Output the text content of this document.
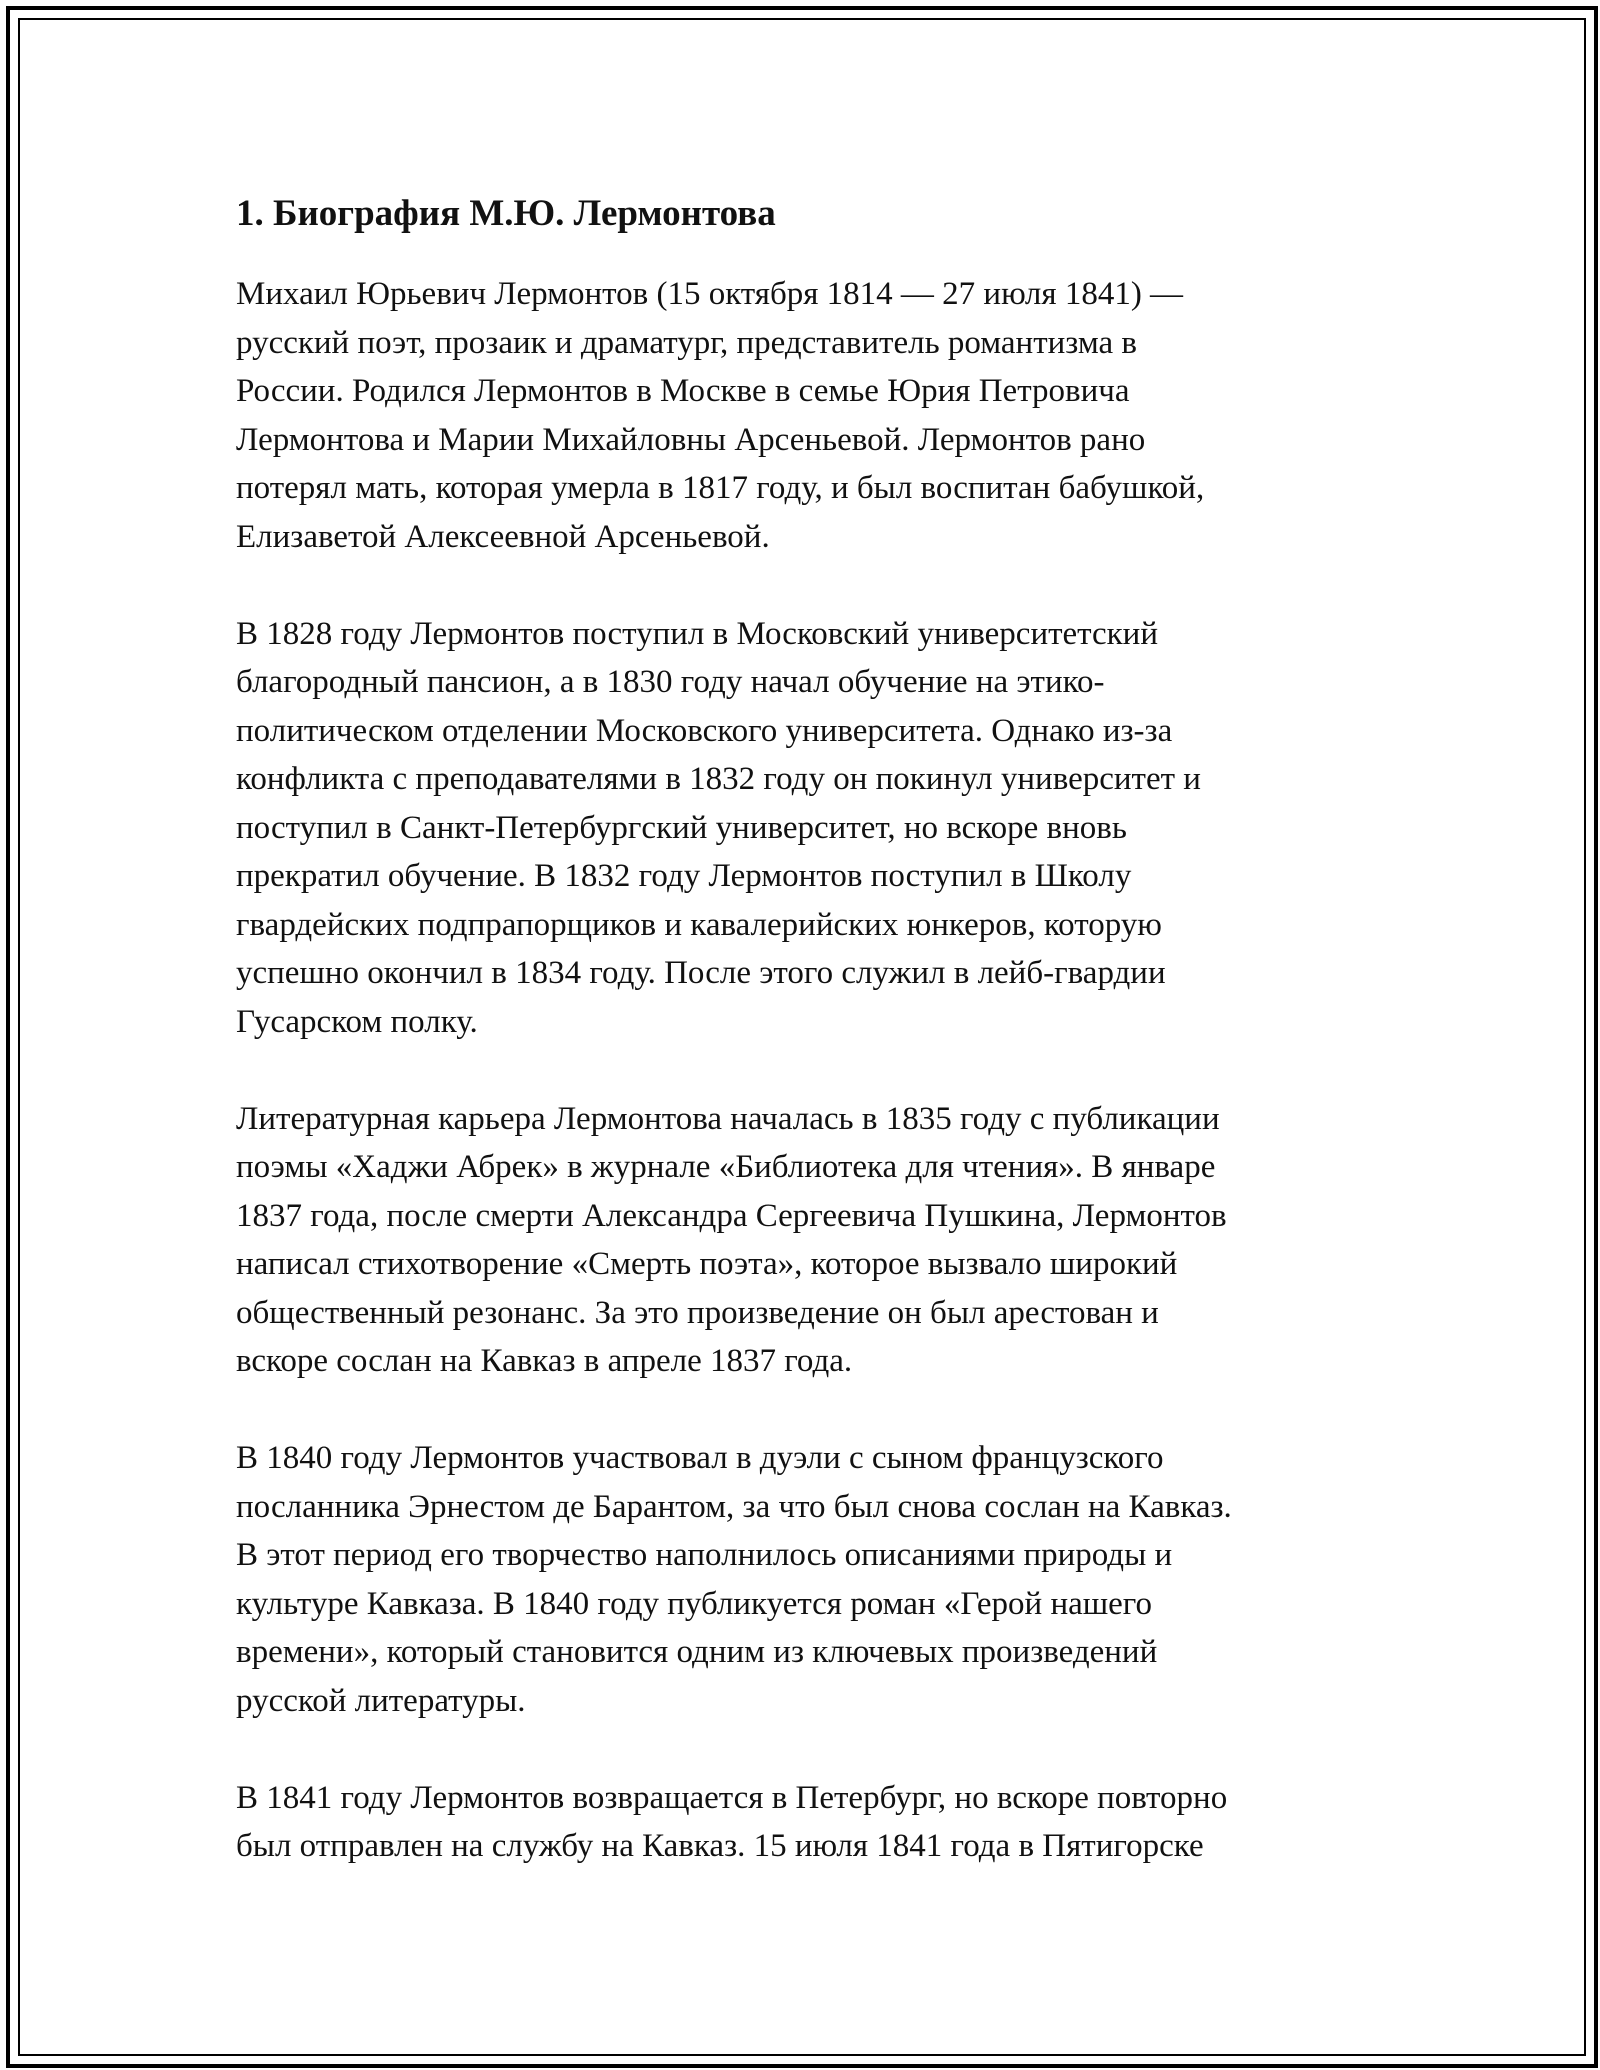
1. Биография М.Ю. Лермонтова

Михаил Юрьевич Лермонтов (15 октября 1814 — 27 июля 1841) —
русский поэт, прозаик и драматург, представитель романтизма в
России. Родился Лермонтов в Москве в семье Юрия Петровича
Лермонтова и Марии Михайловны Арсеньевой. Лермонтов рано
потерял мать, которая умерла в 1817 году, и был воспитан бабушкой,
Елизаветой Алексеевной Арсеньевой.

В 1828 году Лермонтов поступил в Московский университетский
благородный пансион, а в 1830 году начал обучение на этико-
политическом отделении Московского университета. Однако из-за
конфликта с преподавателями в 1832 году он покинул университет и
поступил в Санкт-Петербургский университет, но вскоре вновь
прекратил обучение. В 1832 году Лермонтов поступил в Школу
гвардейских подпрапорщиков и кавалерийских юнкеров, которую
успешно окончил в 1834 году. После этого служил в лейб-гвардии
Гусарском полку.

Литературная карьера Лермонтова началась в 1835 году с публикации
поэмы «Хаджи Абрек» в журнале «Библиотека для чтения». В январе
1837 года, после смерти Александра Сергеевича Пушкина, Лермонтов
написал стихотворение «Смерть поэта», которое вызвало широкий
общественный резонанс. За это произведение он был арестован и
вскоре сослан на Кавказ в апреле 1837 года.

В 1840 году Лермонтов участвовал в дуэли с сыном французского
посланника Эрнестом де Барантом, за что был снова сослан на Кавказ.
В этот период его творчество наполнилось описаниями природы и
культуре Кавказа. В 1840 году публикуется роман «Герой нашего
времени», который становится одним из ключевых произведений
русской литературы.

В 1841 году Лермонтов возвращается в Петербург, но вскоре повторно
был отправлен на службу на Кавказ. 15 июля 1841 года в Пятигорске
